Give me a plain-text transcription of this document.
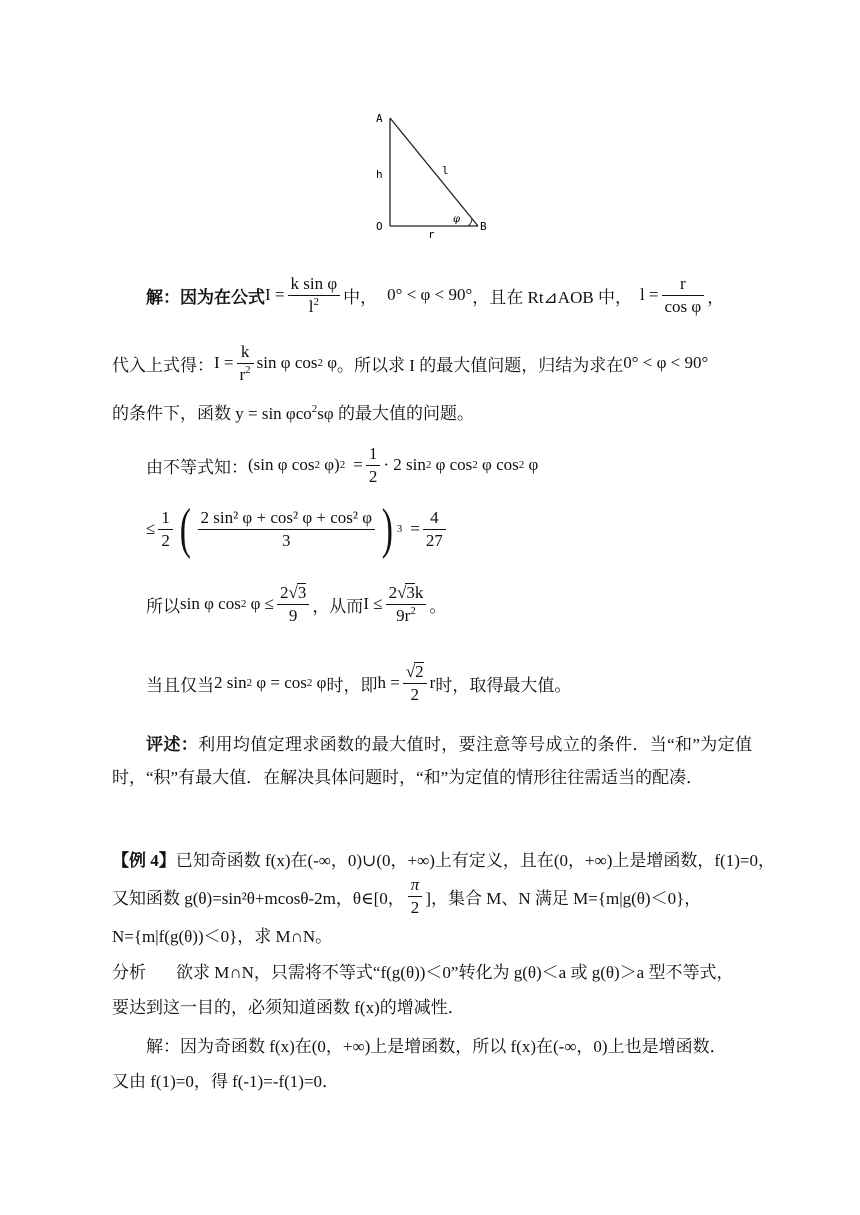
A
h
O
r
l
B
φ
解：因为在公式 $I = \frac{\text{k sin φ}}{l^2}$ 中， 0° < φ < 90° ，且在 Rt⊿AOB 中， $l = \frac{r}{\text{cos φ}}$ ，
代入上式得： $I = \frac{k}{r^2}$ sin φ cos 2
φ 。所以求 I 的最大值问题，归结为求在 0° < φ < 90°
的条件下，函数 y = sin φco$^2$sφ 的最大值的问题。
由不等式知： (sin φ cos 2
φ) $2 = \frac{1}{2} \cdot 2$ sin 2
φ cos 2
φ cos 2
φ
≤ $\frac{1}{2}$ ( $\frac{\text{2 sin² φ + cos² φ + cos² φ}}{3}$ ) $3 = \frac{4}{27}$
所以 sin φ cos 2
$\varphi \le \frac{2√3}{9}$ ，从而 $I \le \frac{2√3k}{9r^2}$ 。
当且仅当 2 sin 2
φ = cos 2
φ 时，即 $h = \frac{√2}{2}$ r 时，取得最大值。
评述：利用均值定理求函数的最大值时，要注意等号成立的条件．当“和”为定值时，“积”有最大值．在解决具体问题时，“和”为定值的情形往往需适当的配凑．
【例 4】已知奇函数 f(x)在(-∞，0)∪(0，+∞)上有定义，且在(0，+∞)上是增函数，f(1)=0，
又知函数 g(θ)=sin²θ+mcosθ-2m，θ∈[0， $\frac{\pi}{2}$ ]，集合 M、N 满足 M={m|g(θ)＜0}，
N={m|f(g(θ))＜0}，求 M∩N。
分析 欲求 M∩N，只需将不等式“f(g(θ))＜0”转化为 g(θ)＜a 或 g(θ)＞a 型不等式，
要达到这一目的，必须知道函数 f(x)的增减性．
解：因为奇函数 f(x)在(0，+∞)上是增函数，所以 f(x)在(-∞，0)上也是增函数．
又由 f(1)=0，得 f(-1)=-f(1)=0．
